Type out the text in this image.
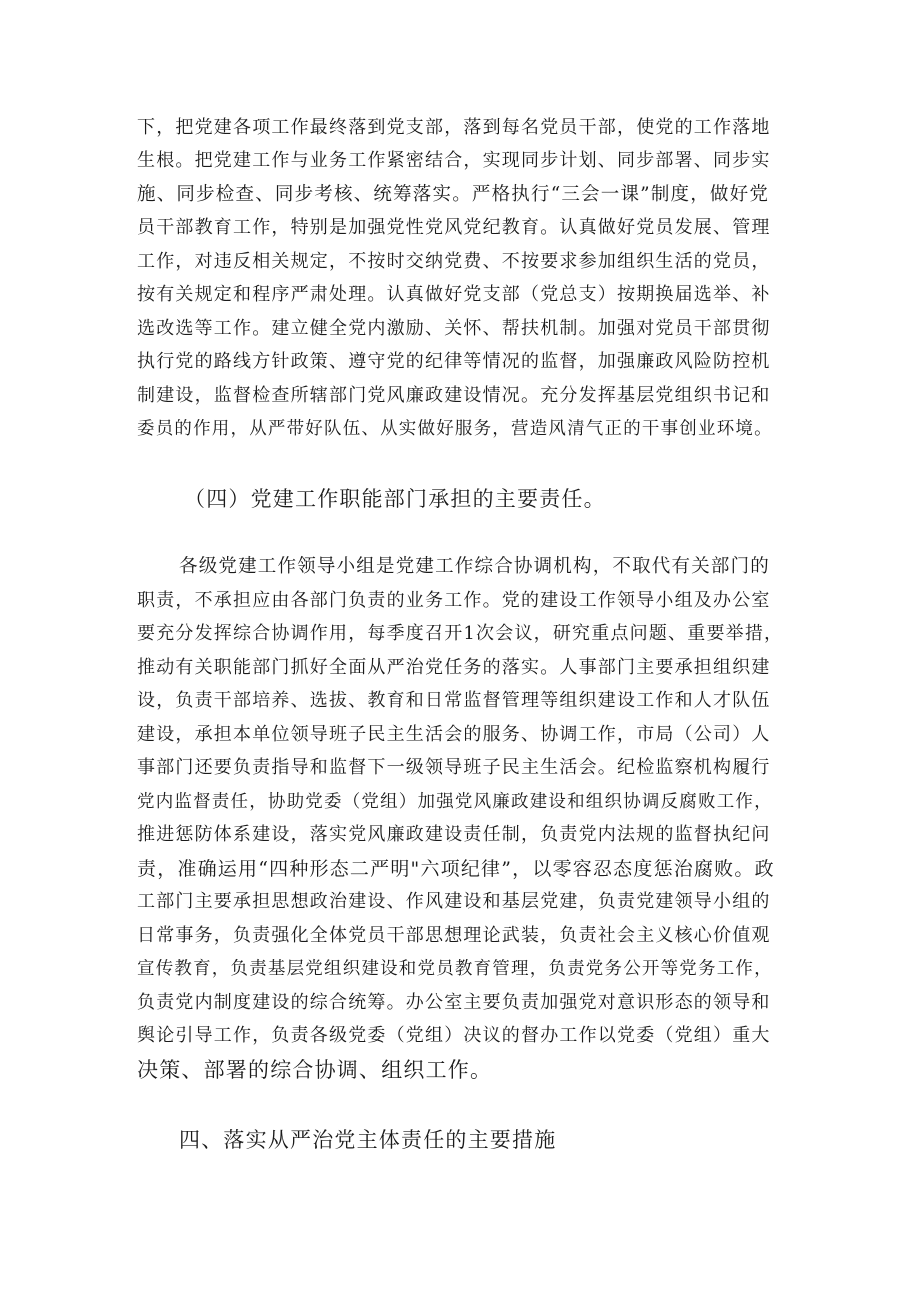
下，把党建各项工作最终落到党支部，落到每名党员干部，使党的工作落地
生根。把党建工作与业务工作紧密结合，实现同步计划、同步部署、同步实
施、同步检查、同步考核、统筹落实。严格执行“三会一课”制度，做好党
员干部教育工作，特别是加强党性党风党纪教育。认真做好党员发展、管理
工作，对违反相关规定，不按时交纳党费、不按要求参加组织生活的党员，
按有关规定和程序严肃处理。认真做好党支部（党总支）按期换届选举、补
选改选等工作。建立健全党内激励、关怀、帮扶机制。加强对党员干部贯彻
执行党的路线方针政策、遵守党的纪律等情况的监督，加强廉政风险防控机
制建设，监督检查所辖部门党风廉政建设情况。充分发挥基层党组织书记和
委员的作用，从严带好队伍、从实做好服务，营造风清气正的干事创业环境。
（四）党建工作职能部门承担的主要责任。
各级党建工作领导小组是党建工作综合协调机构，不取代有关部门的
职责，不承担应由各部门负责的业务工作。党的建设工作领导小组及办公室
要充分发挥综合协调作用，每季度召开1次会议，研究重点问题、重要举措，
推动有关职能部门抓好全面从严治党任务的落实。人事部门主要承担组织建
设，负责干部培养、选拔、教育和日常监督管理等组织建设工作和人才队伍
建设，承担本单位领导班子民主生活会的服务、协调工作，市局（公司）人
事部门还要负责指导和监督下一级领导班子民主生活会。纪检监察机构履行
党内监督责任，协助党委（党组）加强党风廉政建设和组织协调反腐败工作，
推进惩防体系建设，落实党风廉政建设责任制，负责党内法规的监督执纪问
责，准确运用“四种形态二严明"六项纪律”，以零容忍态度惩治腐败。政
工部门主要承担思想政治建设、作风建设和基层党建，负责党建领导小组的
日常事务，负责强化全体党员干部思想理论武装，负责社会主义核心价值观
宣传教育，负责基层党组织建设和党员教育管理，负责党务公开等党务工作，
负责党内制度建设的综合统筹。办公室主要负责加强党对意识形态的领导和
舆论引导工作，负责各级党委（党组）决议的督办工作以党委（党组）重大
决策、部署的综合协调、组织工作。
四、落实从严治党主体责任的主要措施
